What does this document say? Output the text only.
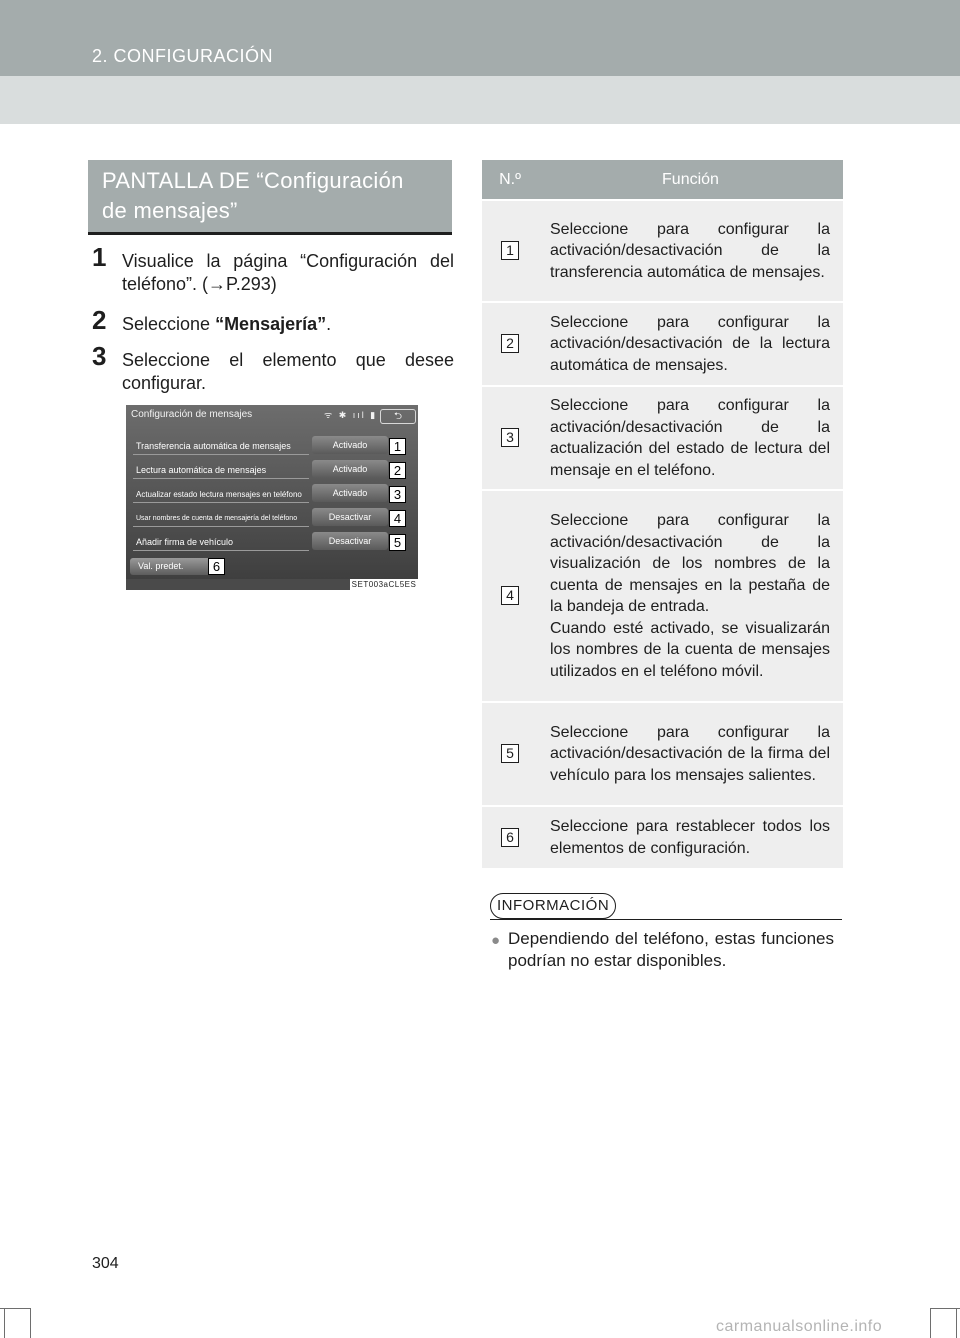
2. CONFIGURACIÓN
PANTALLA DE “Configuración
de mensajes”
1 Visualice la página “Configuración del teléfono”. (→P.293)
2 Seleccione “Mensajería”.
3 Seleccione el elemento que desee configurar.
Configuración de mensajes	ᯤ ✱ ııl ▮	⮌
Transferencia automática de mensajes	Activado	1
Lectura automática de mensajes	Activado	2
Actualizar estado lectura mensajes en teléfono	Activado	3
Usar nombres de cuenta de mensajería del teléfono	Desactivar	4
Añadir firma de vehículo	Desactivar	5
Val. predet.	6
SET003aCL5ES
N.º	Función
1	Seleccione para configurar la activación/desactivación de la transferencia automática de mensajes.
2	Seleccione para configurar la activación/desactivación de la lectura automática de mensajes.
3	Seleccione para configurar la activación/desactivación de la actualización del estado de lectura del mensaje en el teléfono.
4	Seleccione para configurar la activación/desactivación de la visualización de los nombres de la cuenta de mensajes en la pestaña de la bandeja de entrada.
Cuando esté activado, se visualizarán los nombres de la cuenta de mensajes utilizados en el teléfono móvil.

5	Seleccione para configurar la activación/desactivación de la firma del vehículo para los mensajes salientes.
6	Seleccione para restablecer todos los elementos de configuración.
INFORMACIÓN
● Dependiendo del teléfono, estas funciones podrían no estar disponibles.
304
carmanualsonline.info
